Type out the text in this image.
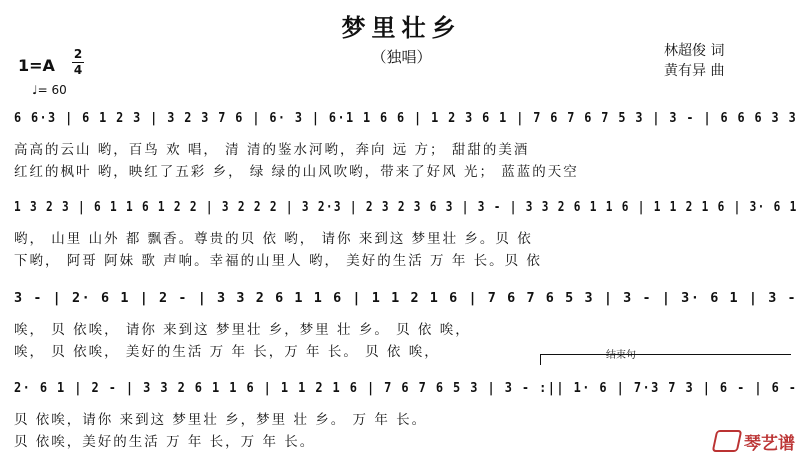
梦里壮乡
（独唱）	林超俊 词
黄有异 曲
1=A
2
4
♩= 60
6 6·3 | 6 1 2 3 | 3 2 3 7 6 | 6· 3 | 6·1 1 6 6 | 1 2 3 6 1 | 7 6 7 6 7 5 3 | 3 - | 6 6 6 3 3
高高的云山 哟，百鸟 欢 唱， 清 清的鉴水河哟，奔向 远 方； 甜甜的美酒
红红的枫叶 哟，映红了五彩 乡， 绿 绿的山风吹哟，带来了好风 光； 蓝蓝的天空
1 3 2 3 | 6 1 1 6 1 2 2 | 3 2 2 2 | 3 2·3 | 2 3 2 3 6 3 | 3 - | 3 3 2 6 1 1 6 | 1 1 2 1 6 | 3· 6 1
哟， 山里 山外 都 飘香。尊贵的贝 依 哟， 请你 来到这 梦里壮 乡。贝 依
下哟， 阿哥 阿妹 歌 声响。幸福的山里人 哟， 美好的生活 万 年 长。贝 依
3 - | 2· 6 1 | 2 - | 3 3 2 6 1 1 6 | 1 1 2 1 6 | 7 6 7 6 5 3 | 3 - | 3· 6 1 | 3 -
唉， 贝 依唉， 请你 来到这 梦里壮 乡，梦里 壮 乡。 贝 依 唉，
唉， 贝 依唉， 美好的生活 万 年 长，万 年 长。 贝 依 唉，	结束句
2· 6 1 | 2 - | 3 3 2 6 1 1 6 | 1 1 2 1 6 | 7 6 7 6 5 3 | 3 - :|| 1· 6 | 7·3 7 3 | 6 - | 6 -
贝 依唉，请你 来到这 梦里壮 乡，梦里 壮 乡。 万 年 长。
贝 依唉，美好的生活 万 年 长，万 年 长。	琴艺谱
